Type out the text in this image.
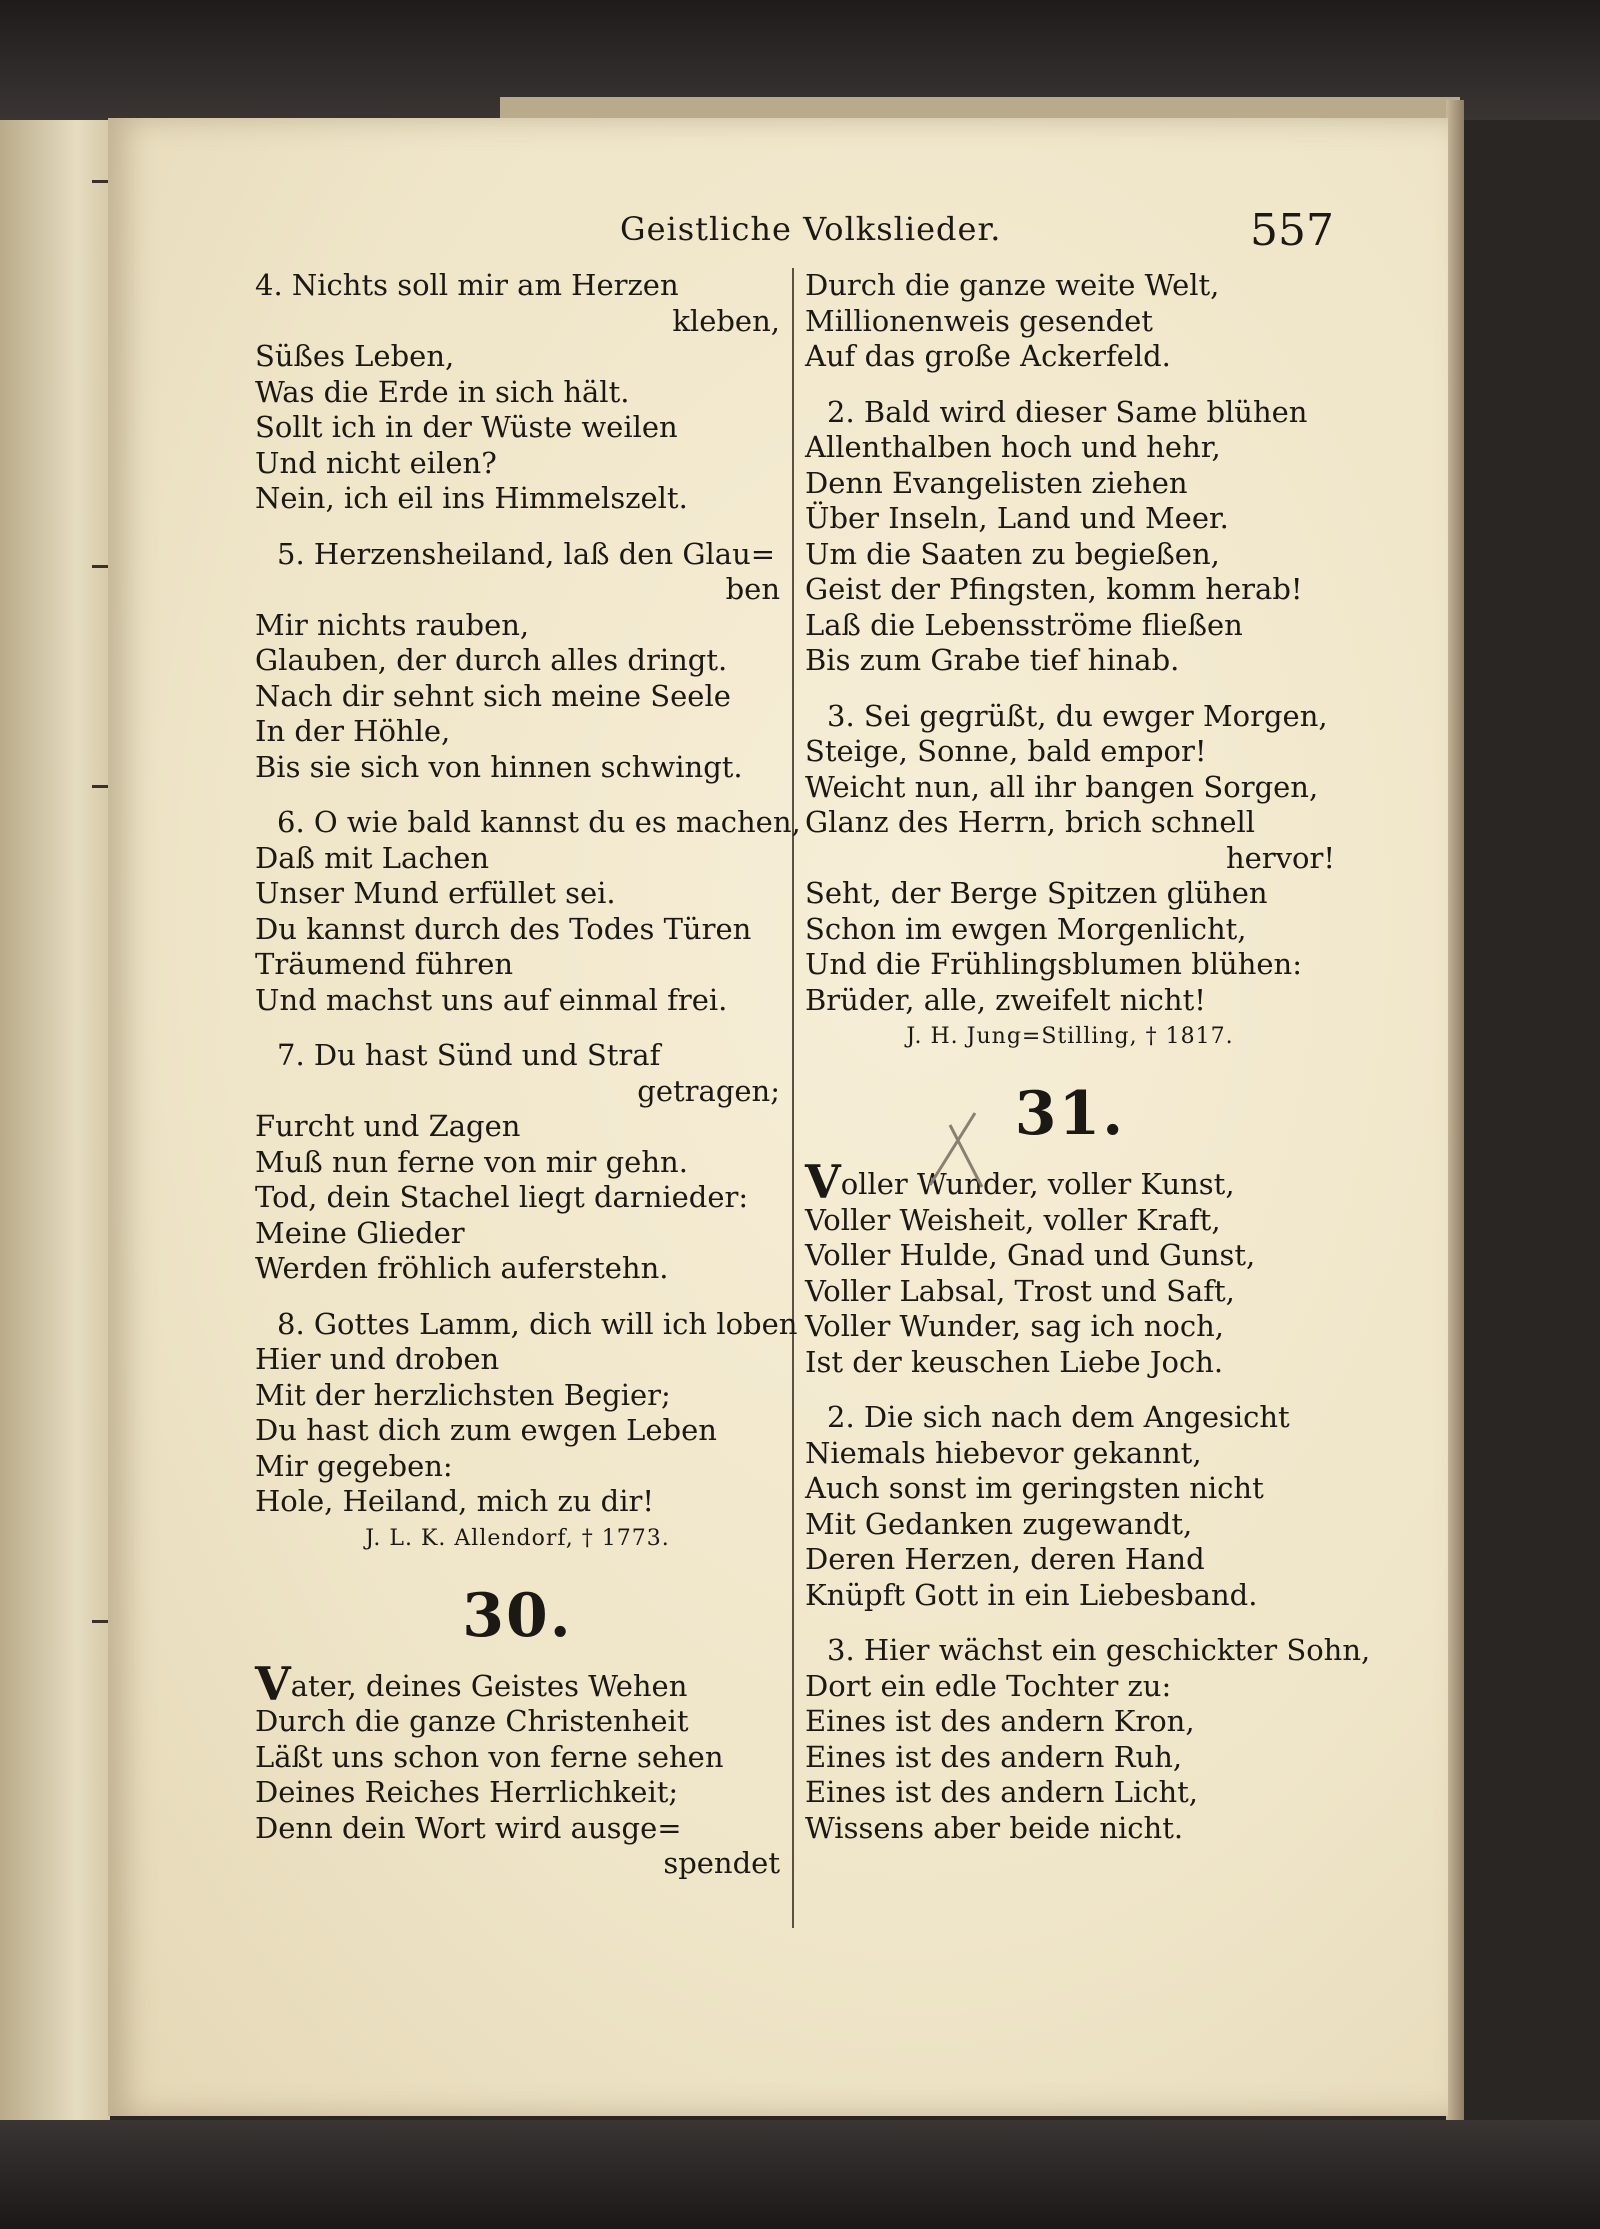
Geistliche Volkslieder.	557
4. Nichts soll mir am Herzen
kleben,
Süßes Leben,
Was die Erde in sich hält.
Sollt ich in der Wüste weilen
Und nicht eilen?
Nein, ich eil ins Himmelszelt.
5. Herzensheiland, laß den Glau=
ben
Mir nichts rauben,
Glauben, der durch alles dringt.
Nach dir sehnt sich meine Seele
In der Höhle,
Bis sie sich von hinnen schwingt.
6. O wie bald kannst du es machen,
Daß mit Lachen
Unser Mund erfüllet sei.
Du kannst durch des Todes Türen
Träumend führen
Und machst uns auf einmal frei.
7. Du hast Sünd und Straf
getragen;
Furcht und Zagen
Muß nun ferne von mir gehn.
Tod, dein Stachel liegt darnieder:
Meine Glieder
Werden fröhlich auferstehn.
8. Gottes Lamm, dich will ich loben
Hier und droben
Mit der herzlichsten Begier;
Du hast dich zum ewgen Leben
Mir gegeben:
Hole, Heiland, mich zu dir!
J. L. K. Allendorf, † 1773.
30.
Vater, deines Geistes Wehen
Durch die ganze Christenheit
Läßt uns schon von ferne sehen
Deines Reiches Herrlichkeit;
Denn dein Wort wird ausge=
spendet
Durch die ganze weite Welt,
Millionenweis gesendet
Auf das große Ackerfeld.
2. Bald wird dieser Same blühen
Allenthalben hoch und hehr,
Denn Evangelisten ziehen
Über Inseln, Land und Meer.
Um die Saaten zu begießen,
Geist der Pfingsten, komm herab!
Laß die Lebensströme fließen
Bis zum Grabe tief hinab.
3. Sei gegrüßt, du ewger Morgen,
Steige, Sonne, bald empor!
Weicht nun, all ihr bangen Sorgen,
Glanz des Herrn, brich schnell
hervor!
Seht, der Berge Spitzen glühen
Schon im ewgen Morgenlicht,
Und die Frühlingsblumen blühen:
Brüder, alle, zweifelt nicht!
J. H. Jung=Stilling, † 1817.
31.
Voller Wunder, voller Kunst,
Voller Weisheit, voller Kraft,
Voller Hulde, Gnad und Gunst,
Voller Labsal, Trost und Saft,
Voller Wunder, sag ich noch,
Ist der keuschen Liebe Joch.
2. Die sich nach dem Angesicht
Niemals hiebevor gekannt,
Auch sonst im geringsten nicht
Mit Gedanken zugewandt,
Deren Herzen, deren Hand
Knüpft Gott in ein Liebesband.
3. Hier wächst ein geschickter Sohn,
Dort ein edle Tochter zu:
Eines ist des andern Kron,
Eines ist des andern Ruh,
Eines ist des andern Licht,
Wissens aber beide nicht.
